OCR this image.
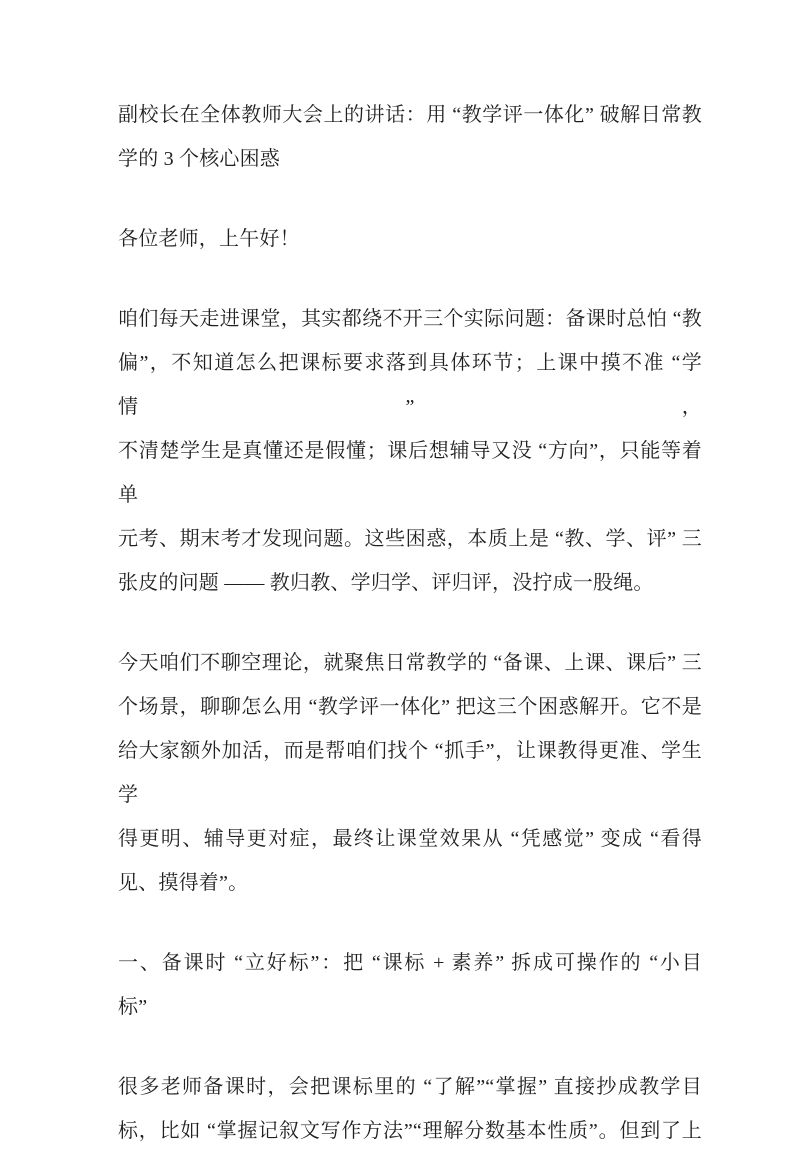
副校长在全体教师大会上的讲话：用 “教学评一体化” 破解日常教
学的 3 个核心困惑
各位老师，上午好！
咱们每天走进课堂，其实都绕不开三个实际问题：备课时总怕 “教
偏”，不知道怎么把课标要求落到具体环节；上课中摸不准 “学情”，
不清楚学生是真懂还是假懂；课后想辅导又没 “方向”，只能等着单
元考、期末考才发现问题。这些困惑，本质上是 “教、学、评” 三
张皮的问题 —— 教归教、学归学、评归评，没拧成一股绳。
今天咱们不聊空理论，就聚焦日常教学的 “备课、上课、课后” 三
个场景，聊聊怎么用 “教学评一体化” 把这三个困惑解开。它不是
给大家额外加活，而是帮咱们找个 “抓手”，让课教得更准、学生学
得更明、辅导更对症，最终让课堂效果从 “凭感觉” 变成 “看得
见、摸得着”。
一、备课时 “立好标”：把 “课标 + 素养” 拆成可操作的 “小目
标”
很多老师备课时，会把课标里的 “了解”“掌握” 直接抄成教学目
标，比如 “掌握记叙文写作方法”“理解分数基本性质”。但到了上
